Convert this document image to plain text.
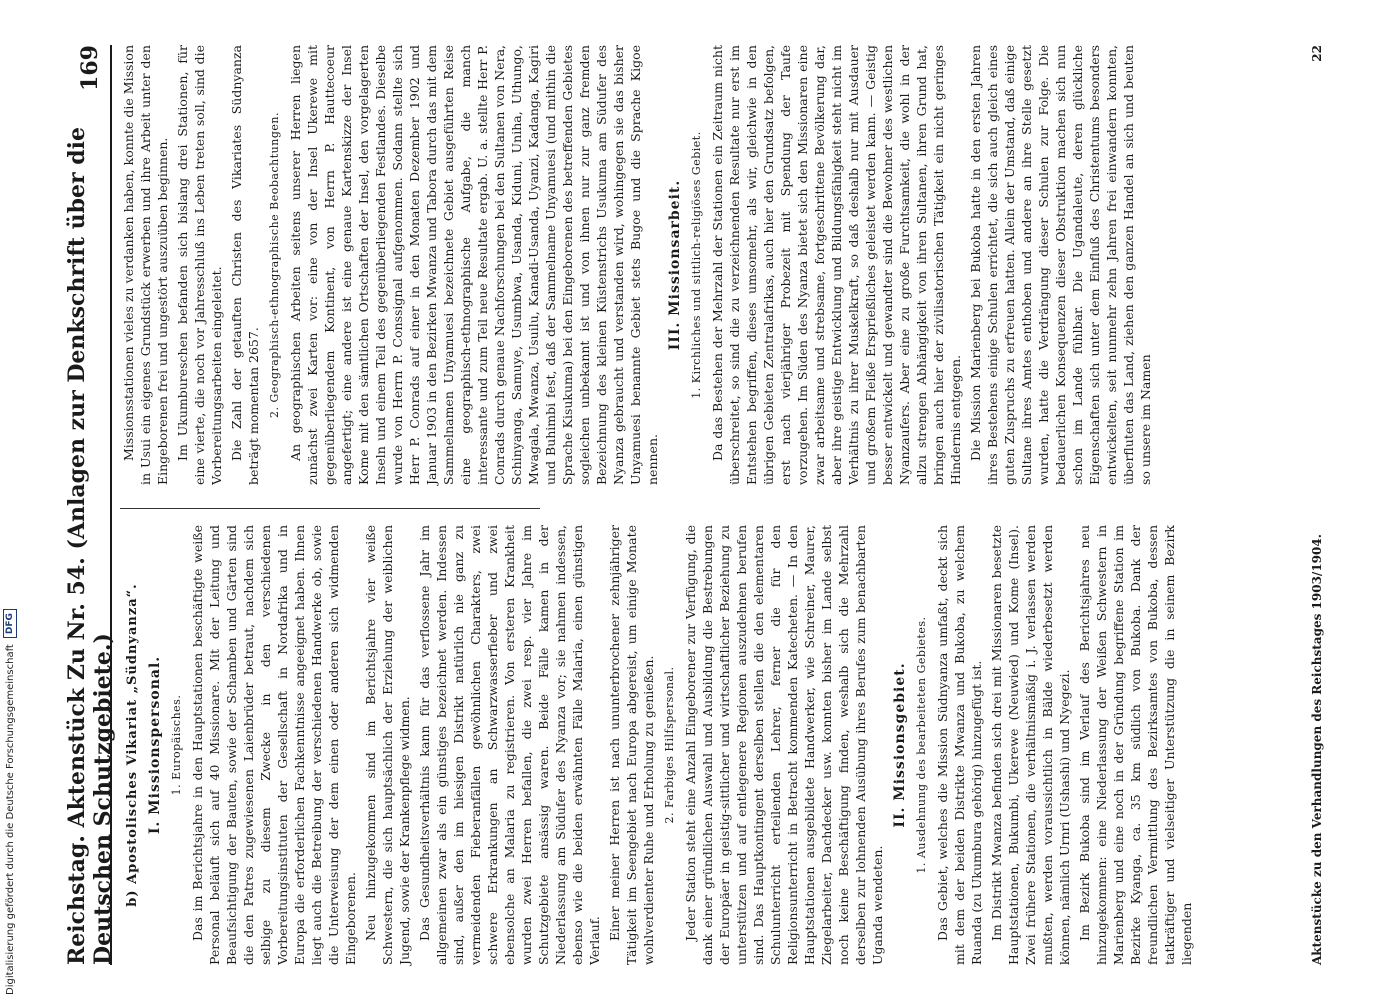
Reichstag. Aktenstück Zu Nr. 54. (Anlagen zur Denkschrift über die Deutschen Schutzgebiete.)
169
b) Apostolisches Vikariat „Südnyanza“. I. Missionspersonal. 1. Europäisches. Das im Berichtsjahre in den Hauptstationen beschäftigte weiße Personal beläuft sich auf 40 Missionare. Mit der Leitung und Beaufsichtigung der Bauten, sowie der Schamben und Gärten sind die den Patres zugewiesenen Laienbrüder betraut, nachdem sich selbige zu diesem Zwecke in den verschiedenen Vorbereitungsinstituten der Gesellschaft in Nordafrika und in Europa die erforderlichen Fachkenntnisse angeeignet haben. Ihnen liegt auch die Betreibung der verschiedenen Handwerke ob, sowie die Unterweisung der dem einen oder anderen sich widmenden Eingeborenen. Neu hinzugekommen sind im Berichtsjahre vier weiße Schwestern, die sich hauptsächlich der Erziehung der weiblichen Jugend, sowie der Krankenpflege widmen. Das Gesundheitsverhältnis kann für das verflossene Jahr im allgemeinen zwar als ein günstiges bezeichnet werden. Indessen sind, außer den im hiesigen Distrikt natürlich nie ganz zu vermeidenden Fieberanfällen gewöhnlichen Charakters, zwei schwere Erkrankungen an Schwarzwasserfieber und zwei ebensolche an Malaria zu registrieren. Von ersteren Krankheit wurden zwei Herren befallen, die zwei resp. vier Jahre im Schutzgebiete ansässig waren. Beide Fälle kamen in der Niederlassung am Südufer des Nyanza vor; sie nahmen indessen, ebenso wie die beiden erwähnten Fälle Malaria, einen günstigen Verlauf. Einer meiner Herren ist nach ununterbrochener zehnjähriger Tätigkeit im Seengebiet nach Europa abgereist, um einige Monate wohlverdienter Ruhe und Erholung zu genießen. 2. Farbiges Hilfspersonal. Jeder Station steht eine Anzahl Eingeborener zur Verfügung, die dank einer gründlichen Auswahl und Ausbildung die Bestrebungen der Europäer in geistig-sittlicher und wirtschaftlicher Beziehung zu unterstützen und auf entlegenere Regionen auszudehnen berufen sind. Das Hauptkontingent derselben stellen die den elementaren Schulunterricht erteilenden Lehrer, ferner die für den Religionsunterricht in Betracht kommenden Katecheten. — In den Hauptstationen ausgebildete Handwerker, wie Schreiner, Maurer, Ziegelarbeiter, Dachdecker usw. konnten bisher im Lande selbst noch keine Beschäftigung finden, weshalb sich die Mehrzahl derselben zur lohnenden Ausübung ihres Berufes zum benachbarten Uganda wendeten.

II. Missionsgebiet. 1. Ausdehnung des bearbeiteten Gebietes. Das Gebiet, welches die Mission Südnyanza umfaßt, deckt sich mit dem der beiden Distrikte Mwanza und Bukoba, zu welchem Ruanda (zu Ukumbura gehörig) hinzugefügt ist. Im Distrikt Mwanza befinden sich drei mit Missionaren besetzte Hauptstationen, Bukumbi, Ukerewe (Neuwied) und Kome (Insel). Zwei frühere Stationen, die verhältnismäßig i. J. verlassen werden mußten, werden voraussichtlich in Bälde wiederbesetzt werden können, nämlich Urnri (Ushashi) und Nyegezi. Im Bezirk Bukoba sind im Verlauf des Berichtsjahres neu hinzugekommen: eine Niederlassung der Weißen Schwestern in Marienberg und eine noch in der Gründung begriffene Station im Bezirke Kyanga, ca. 35 km südlich von Bukoba. Dank der freundlichen Vermittlung des Bezirksamtes von Bukoba, dessen tatkräftiger und vielseitiger Unterstützung die in seinem Bezirk liegenden

Missionsstationen vieles zu verdanken haben, konnte die Mission in Usui ein eigenes Grundstück erwerben und ihre Arbeit unter den Eingeborenen frei und ungestört auszuüben beginnen. Im Ukumbureschen befanden sich bislang drei Stationen, für eine vierte, die noch vor Jahresschluß ins Leben treten soll, sind die Vorbereitungsarbeiten eingeleitet. Die Zahl der getauften Christen des Vikariates Südnyanza beträgt momentan 2657. 2. Geographisch-ethnographische Beobachtungen. An geographischen Arbeiten seitens unserer Herren liegen zunächst zwei Karten vor: eine von der Insel Ukerewe mit gegenüberliegendem Kontinent, von Herrn P. Hauttecoeur angefertigt; eine andere ist eine genaue Kartenskizze der Insel Kome mit den sämtlichen Ortschaften der Insel, den vorgelagerten Inseln und einem Teil des gegenüberliegenden Festlandes. Dieselbe wurde von Herrn P. Conssignal aufgenommen. Sodann stellte sich Herr P. Conrads auf einer in den Monaten Dezember 1902 und Januar 1903 in den Bezirken Mwanza und Tabora durch das mit dem Sammelnamen Unyamuesi bezeichnete Gebiet ausgeführten Reise eine geographisch-ethnographische Aufgabe, die manch interessante und zum Teil neue Resultate ergab. U. a. stellte Herr P. Conrads durch genaue Nachforschungen bei den Sultanen von Nera, Schinyanga, Samuye, Usumbwa, Usanda, Kiduni, Uniha, Uthungo, Mwagala, Mwanza, Usuilu, Kanadi-Usanda, Uyanzi, Kadanga, Kagiri und Buhimbi fest, daß der Sammelname Unyamuesi (und mithin die Sprache Kisukuma) bei den Eingeborenen des betreffenden Gebietes sogleichen unbekannt ist und von ihnen nur zur ganz fremden Bezeichnung des kleinen Küstenstrichs Usukuma am Südufer des Nyanza gebraucht und verstanden wird, wohingegen sie das bisher Unyamuesi benannte Gebiet stets Bugoe und die Sprache Kigoe nennen.

III. Missionsarbeit. 1. Kirchliches und sittlich-religiöses Gebiet. Da das Bestehen der Mehrzahl der Stationen ein Zeitraum nicht überschreitet, so sind die zu verzeichnenden Resultate nur erst im Entstehen begriffen, dieses umsomehr, als wir, gleichwie in den übrigen Gebieten Zentralafrikas, auch hier den Grundsatz befolgen, erst nach vierjähriger Probezeit mit Spendung der Taufe vorzugehen. Im Süden des Nyanza bietet sich den Missionaren eine zwar arbeitsame und strebsame, fortgeschrittene Bevölkerung dar, aber ihre geistige Entwicklung und Bildungsfähigkeit steht nicht im Verhältnis zu ihrer Muskelkraft, so daß deshalb nur mit Ausdauer und großem Fleiße Ersprießliches geleistet werden kann. — Geistig besser entwickelt und gewandter sind die Bewohner des westlichen Nyanzaufers. Aber eine zu große Furchtsamkeit, die wohl in der allzu strengen Abhängigkeit von ihren Sultanen, ihren Grund hat, bringen auch hier der zivilisatorischen Tätigkeit ein nicht geringes Hindernis entgegen. Die Mission Marienberg bei Bukoba hatte in den ersten Jahren ihres Bestehens einige Schulen errichtet, die sich auch gleich eines guten Zuspruchs zu erfreuen hatten. Allein der Umstand, daß einige Sultane ihres Amtes enthoben und andere an ihre Stelle gesetzt wurden, hatte die Verdrängung dieser Schulen zur Folge. Die bedauerlichen Konsequenzen dieser Obstruktion machen sich nun schon im Lande fühlbar. Die Ugandaleute, deren glückliche Eigenschaften sich unter dem Einfluß des Christentums besonders entwickelten, seit nunmehr zehn Jahren frei einwandern konnten, überfluten das Land, ziehen den ganzen Handel an sich und beuten so unsere im Namen

Aktenstücke zu den Verhandlungen des Reichstages 1903/1904.
22
Digitalisierung gefördert durch die Deutsche Forschungsgemeinschaft
DFG
